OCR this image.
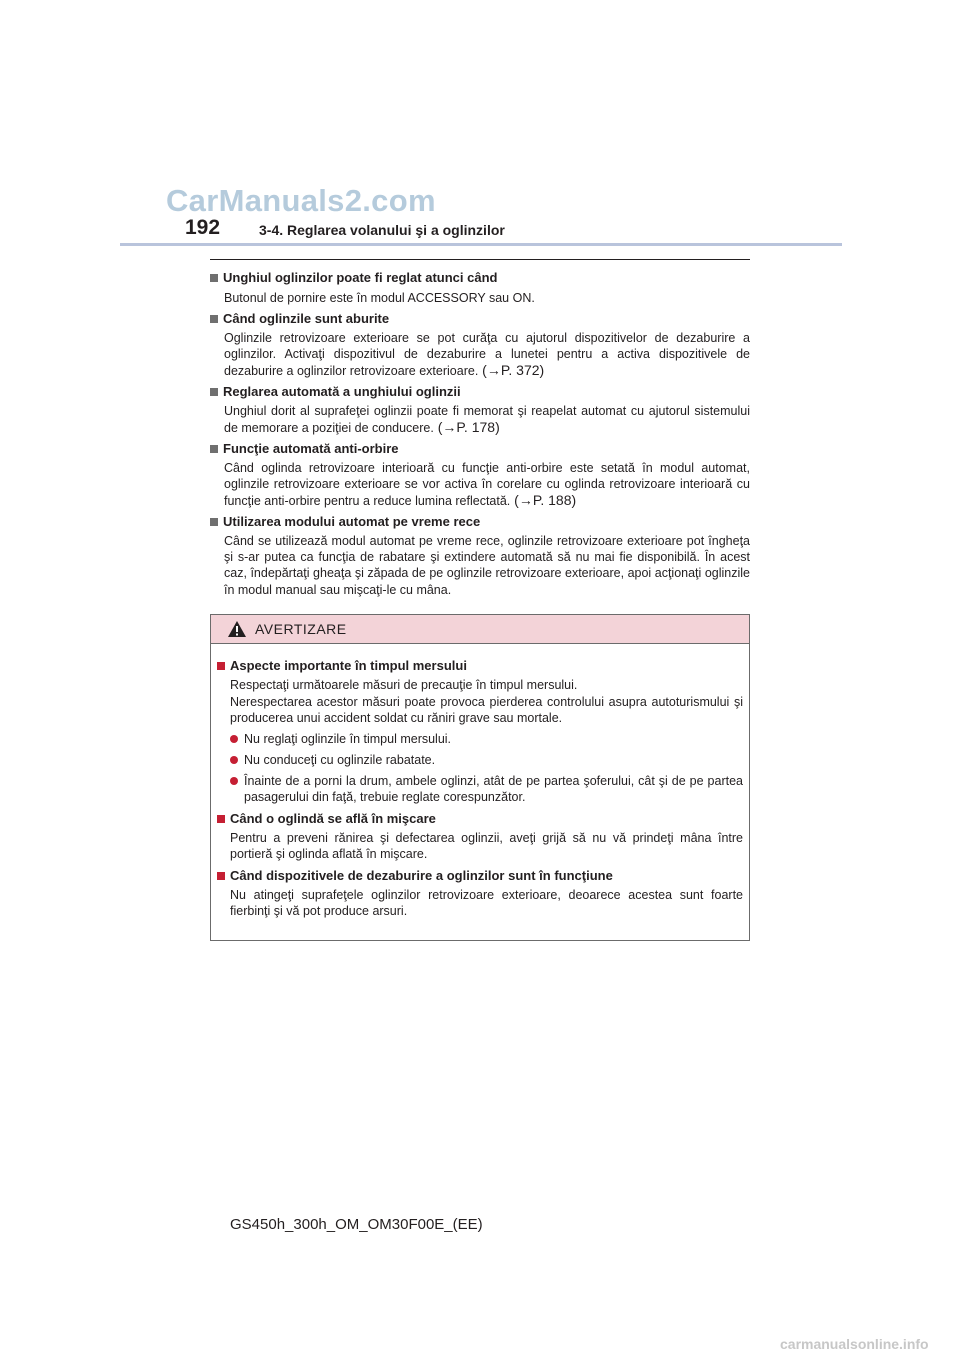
CarManuals2.com
192	3-4. Reglarea volanului şi a oglinzilor
Unghiul oglinzilor poate fi reglat atunci când
Butonul de pornire este în modul ACCESSORY sau ON.
Când oglinzile sunt aburite
Oglinzile retrovizoare exterioare se pot curăţa cu ajutorul dispozitivelor de dezaburire a oglinzilor. Activaţi dispozitivul de dezaburire a lunetei pentru a activa dispozitivele de dezaburire a oglinzilor retrovizoare exterioare. (→P. 372)
Reglarea automată a unghiului oglinzii
Unghiul dorit al suprafeţei oglinzii poate fi memorat şi reapelat automat cu ajutorul sistemului de memorare a poziţiei de conducere. (→P. 178)
Funcţie automată anti-orbire
Când oglinda retrovizoare interioară cu funcţie anti-orbire este setată în modul automat, oglinzile retrovizoare exterioare se vor activa în corelare cu oglinda retrovizoare interioară cu funcţie anti-orbire pentru a reduce lumina reflectată. (→P. 188)
Utilizarea modului automat pe vreme rece
Când se utilizează modul automat pe vreme rece, oglinzile retrovizoare exterioare pot îngheţa şi s-ar putea ca funcţia de rabatare şi extindere automată să nu mai fie disponibilă. În acest caz, îndepărtaţi gheaţa şi zăpada de pe oglinzile retrovizoare exterioare, apoi acţionaţi oglinzile în modul manual sau mişcaţi-le cu mâna.
AVERTIZARE
Aspecte importante în timpul mersului
Respectaţi următoarele măsuri de precauţie în timpul mersului.
Nerespectarea acestor măsuri poate provoca pierderea controlului asupra autoturismului şi producerea unui accident soldat cu răniri grave sau mortale.
Nu reglaţi oglinzile în timpul mersului.
Nu conduceţi cu oglinzile rabatate.
Înainte de a porni la drum, ambele oglinzi, atât de pe partea şoferului, cât şi de pe partea pasagerului din faţă, trebuie reglate corespunzător.
Când o oglindă se află în mişcare
Pentru a preveni rănirea şi defectarea oglinzii, aveţi grijă să nu vă prindeţi mâna între portieră şi oglinda aflată în mişcare.
Când dispozitivele de dezaburire a oglinzilor sunt în funcţiune
Nu atingeţi suprafeţele oglinzilor retrovizoare exterioare, deoarece acestea sunt foarte fierbinţi şi vă pot produce arsuri.
GS450h_300h_OM_OM30F00E_(EE)
carmanualsonline.info
